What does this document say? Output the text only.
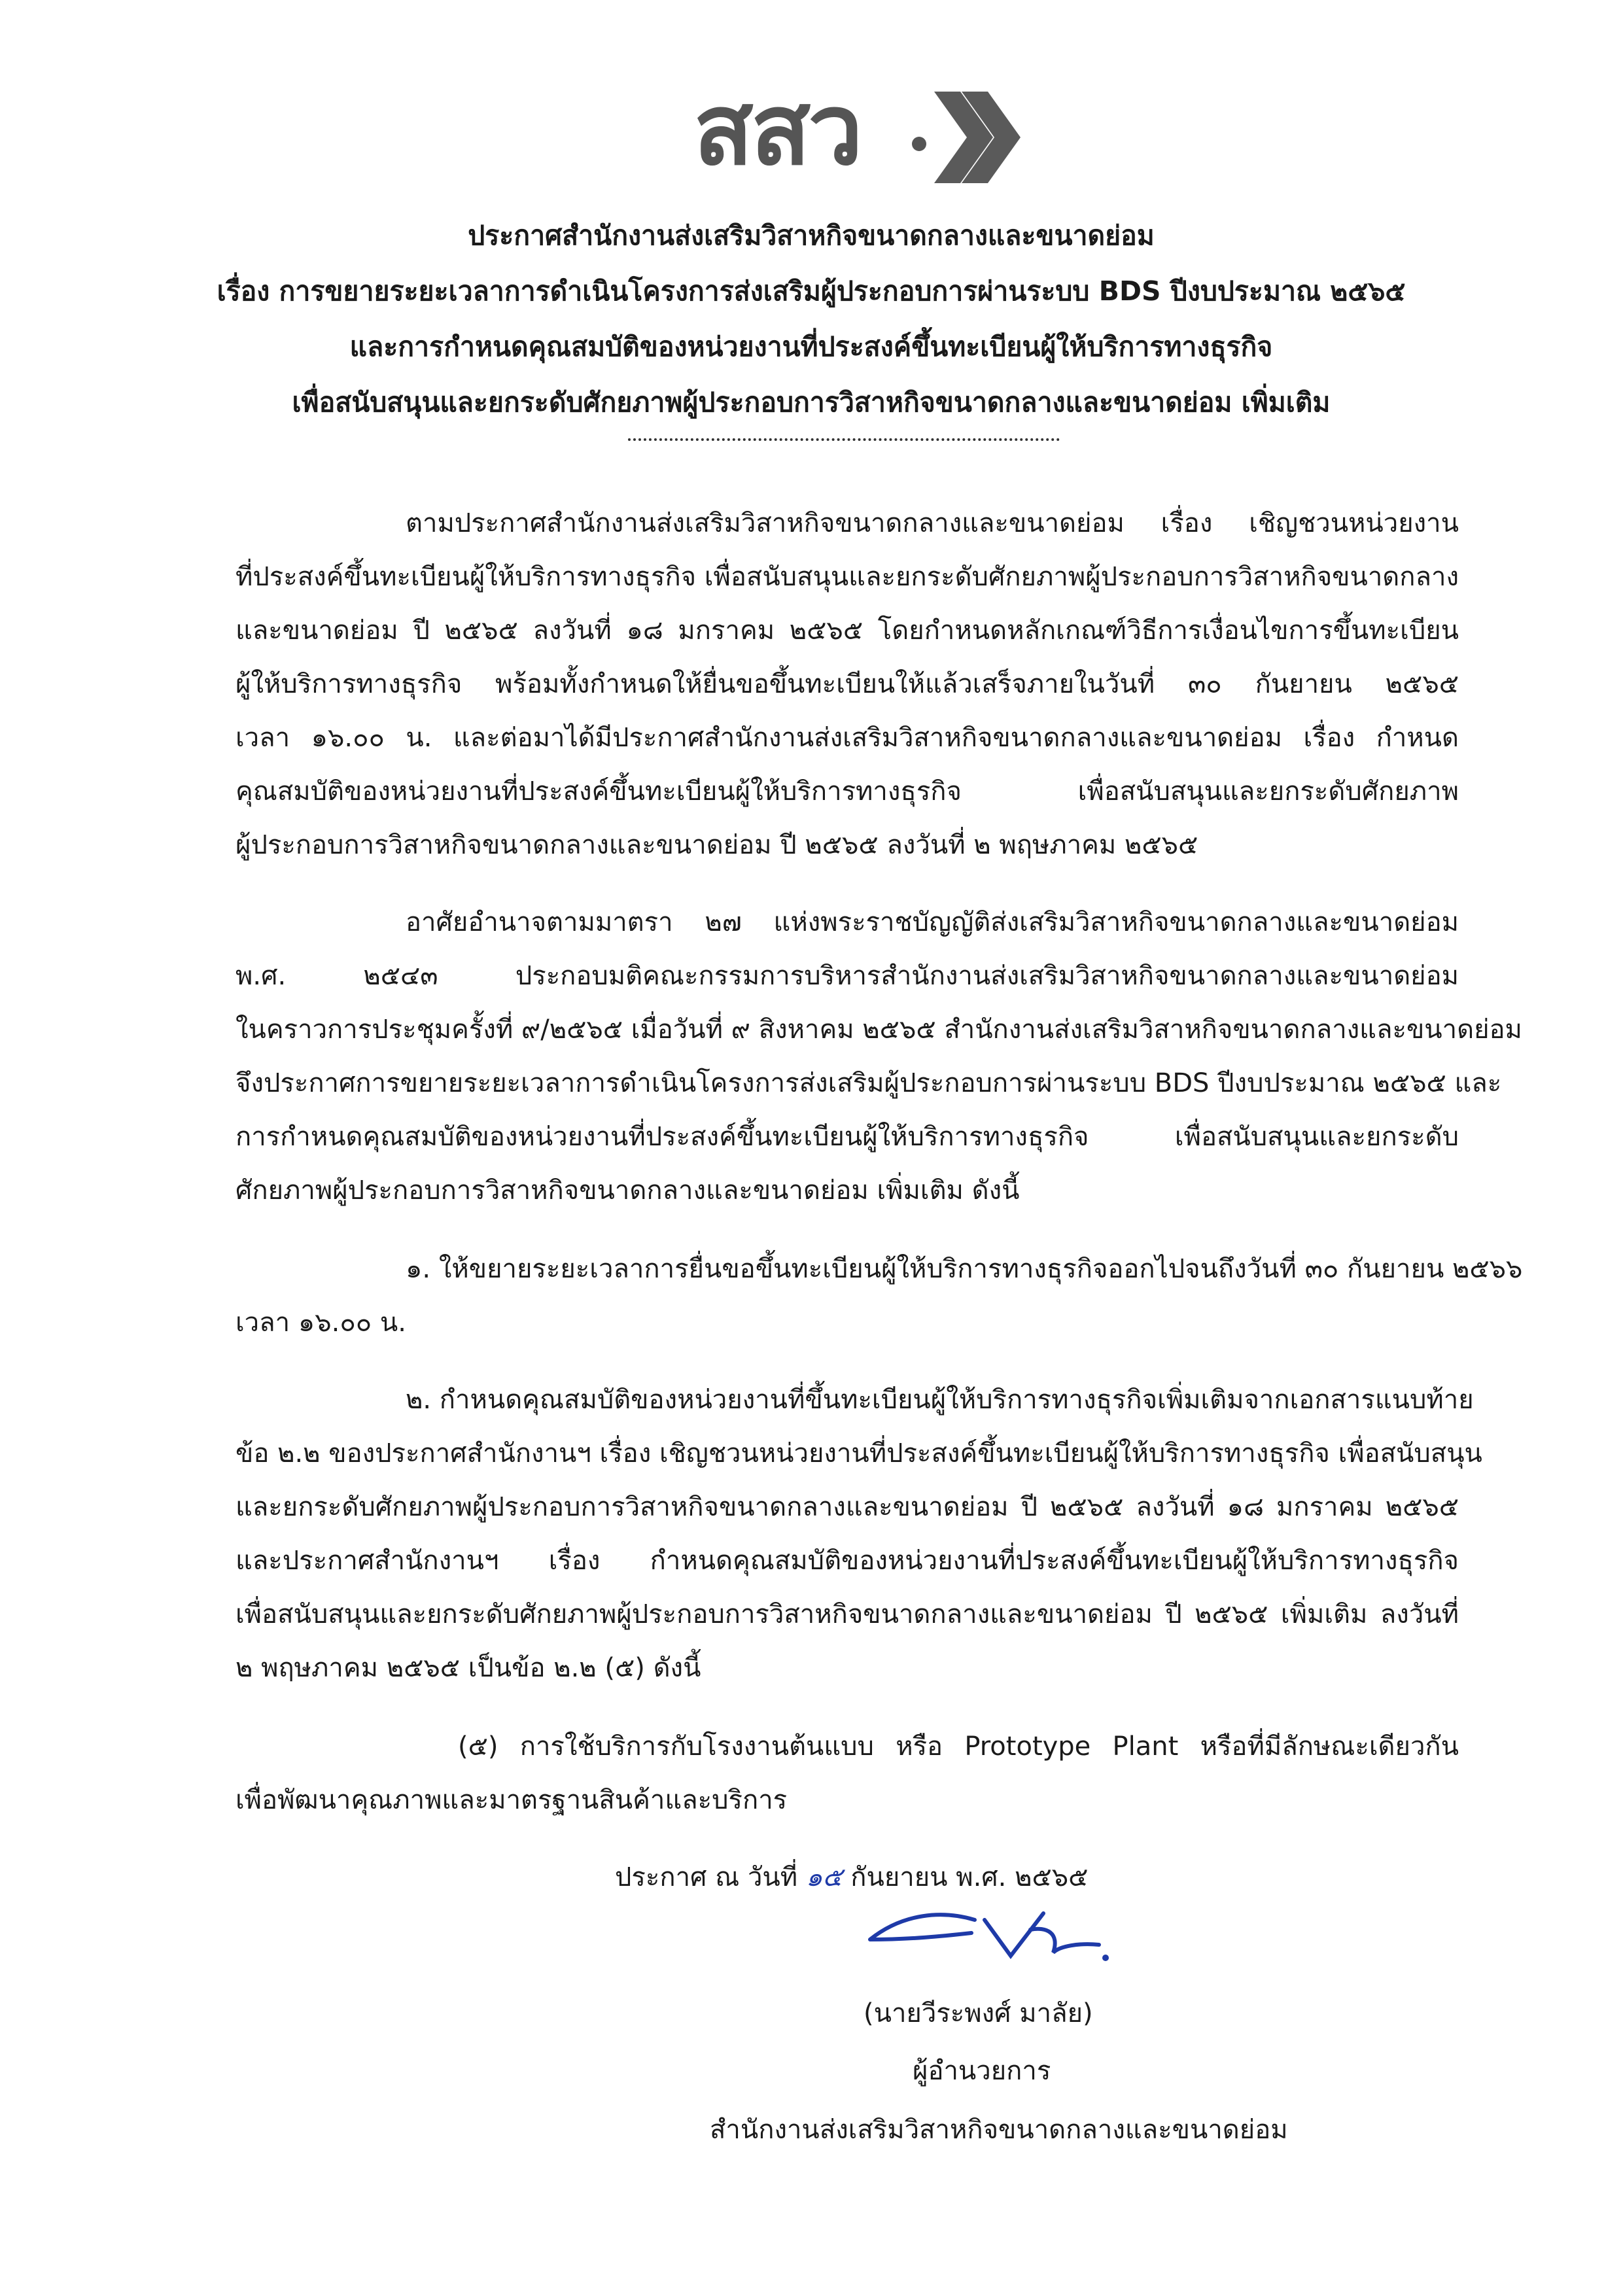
สสว
ประกาศสำนักงานส่งเสริมวิสาหกิจขนาดกลางและขนาดย่อม
เรื่อง การขยายระยะเวลาการดำเนินโครงการส่งเสริมผู้ประกอบการผ่านระบบ BDS ปีงบประมาณ ๒๕๖๕
และการกำหนดคุณสมบัติของหน่วยงานที่ประสงค์ขึ้นทะเบียนผู้ให้บริการทางธุรกิจ
เพื่อสนับสนุนและยกระดับศักยภาพผู้ประกอบการวิสาหกิจขนาดกลางและขนาดย่อม เพิ่มเติม
ตามประกาศสำนักงานส่งเสริมวิสาหกิจขนาดกลางและขนาดย่อม เรื่อง เชิญชวนหน่วยงาน
ที่ประสงค์ขึ้นทะเบียนผู้ให้บริการทางธุรกิจ เพื่อสนับสนุนและยกระดับศักยภาพผู้ประกอบการวิสาหกิจขนาดกลาง
และขนาดย่อม ปี ๒๕๖๕ ลงวันที่ ๑๘ มกราคม ๒๕๖๕ โดยกำหนดหลักเกณฑ์วิธีการเงื่อนไขการขึ้นทะเบียน
ผู้ให้บริการทางธุรกิจ พร้อมทั้งกำหนดให้ยื่นขอขึ้นทะเบียนให้แล้วเสร็จภายในวันที่ ๓๐ กันยายน ๒๕๖๕
เวลา ๑๖.๐๐ น. และต่อมาได้มีประกาศสำนักงานส่งเสริมวิสาหกิจขนาดกลางและขนาดย่อม เรื่อง กำหนด
คุณสมบัติของหน่วยงานที่ประสงค์ขึ้นทะเบียนผู้ให้บริการทางธุรกิจ เพื่อสนับสนุนและยกระดับศักยภาพ
ผู้ประกอบการวิสาหกิจขนาดกลางและขนาดย่อม ปี ๒๕๖๕ ลงวันที่ ๒ พฤษภาคม ๒๕๖๕
อาศัยอำนาจตามมาตรา ๒๗ แห่งพระราชบัญญัติส่งเสริมวิสาหกิจขนาดกลางและขนาดย่อม
พ.ศ. ๒๕๔๓ ประกอบมติคณะกรรมการบริหารสำนักงานส่งเสริมวิสาหกิจขนาดกลางและขนาดย่อม
ในคราวการประชุมครั้งที่ ๙/๒๕๖๕ เมื่อวันที่ ๙ สิงหาคม ๒๕๖๕ สำนักงานส่งเสริมวิสาหกิจขนาดกลางและขนาดย่อม
จึงประกาศการขยายระยะเวลาการดำเนินโครงการส่งเสริมผู้ประกอบการผ่านระบบ BDS ปีงบประมาณ ๒๕๖๕ และ
การกำหนดคุณสมบัติของหน่วยงานที่ประสงค์ขึ้นทะเบียนผู้ให้บริการทางธุรกิจ เพื่อสนับสนุนและยกระดับ
ศักยภาพผู้ประกอบการวิสาหกิจขนาดกลางและขนาดย่อม เพิ่มเติม ดังนี้
๑. ให้ขยายระยะเวลาการยื่นขอขึ้นทะเบียนผู้ให้บริการทางธุรกิจออกไปจนถึงวันที่ ๓๐ กันยายน ๒๕๖๖
เวลา ๑๖.๐๐ น.
๒. กำหนดคุณสมบัติของหน่วยงานที่ขึ้นทะเบียนผู้ให้บริการทางธุรกิจเพิ่มเติมจากเอกสารแนบท้าย
ข้อ ๒.๒ ของประกาศสำนักงานฯ เรื่อง เชิญชวนหน่วยงานที่ประสงค์ขึ้นทะเบียนผู้ให้บริการทางธุรกิจ เพื่อสนับสนุน
และยกระดับศักยภาพผู้ประกอบการวิสาหกิจขนาดกลางและขนาดย่อม ปี ๒๕๖๕ ลงวันที่ ๑๘ มกราคม ๒๕๖๕
และประกาศสำนักงานฯ เรื่อง กำหนดคุณสมบัติของหน่วยงานที่ประสงค์ขึ้นทะเบียนผู้ให้บริการทางธุรกิจ
เพื่อสนับสนุนและยกระดับศักยภาพผู้ประกอบการวิสาหกิจขนาดกลางและขนาดย่อม ปี ๒๕๖๕ เพิ่มเติม ลงวันที่
๒ พฤษภาคม ๒๕๖๕ เป็นข้อ ๒.๒ (๕) ดังนี้
(๕) การใช้บริการกับโรงงานต้นแบบ หรือ Prototype Plant หรือที่มีลักษณะเดียวกัน
เพื่อพัฒนาคุณภาพและมาตรฐานสินค้าและบริการ
ประกาศ ณ วันที่ ๑๕ กันยายน พ.ศ. ๒๕๖๕
(นายวีระพงศ์ มาลัย)
ผู้อำนวยการ
สำนักงานส่งเสริมวิสาหกิจขนาดกลางและขนาดย่อม
